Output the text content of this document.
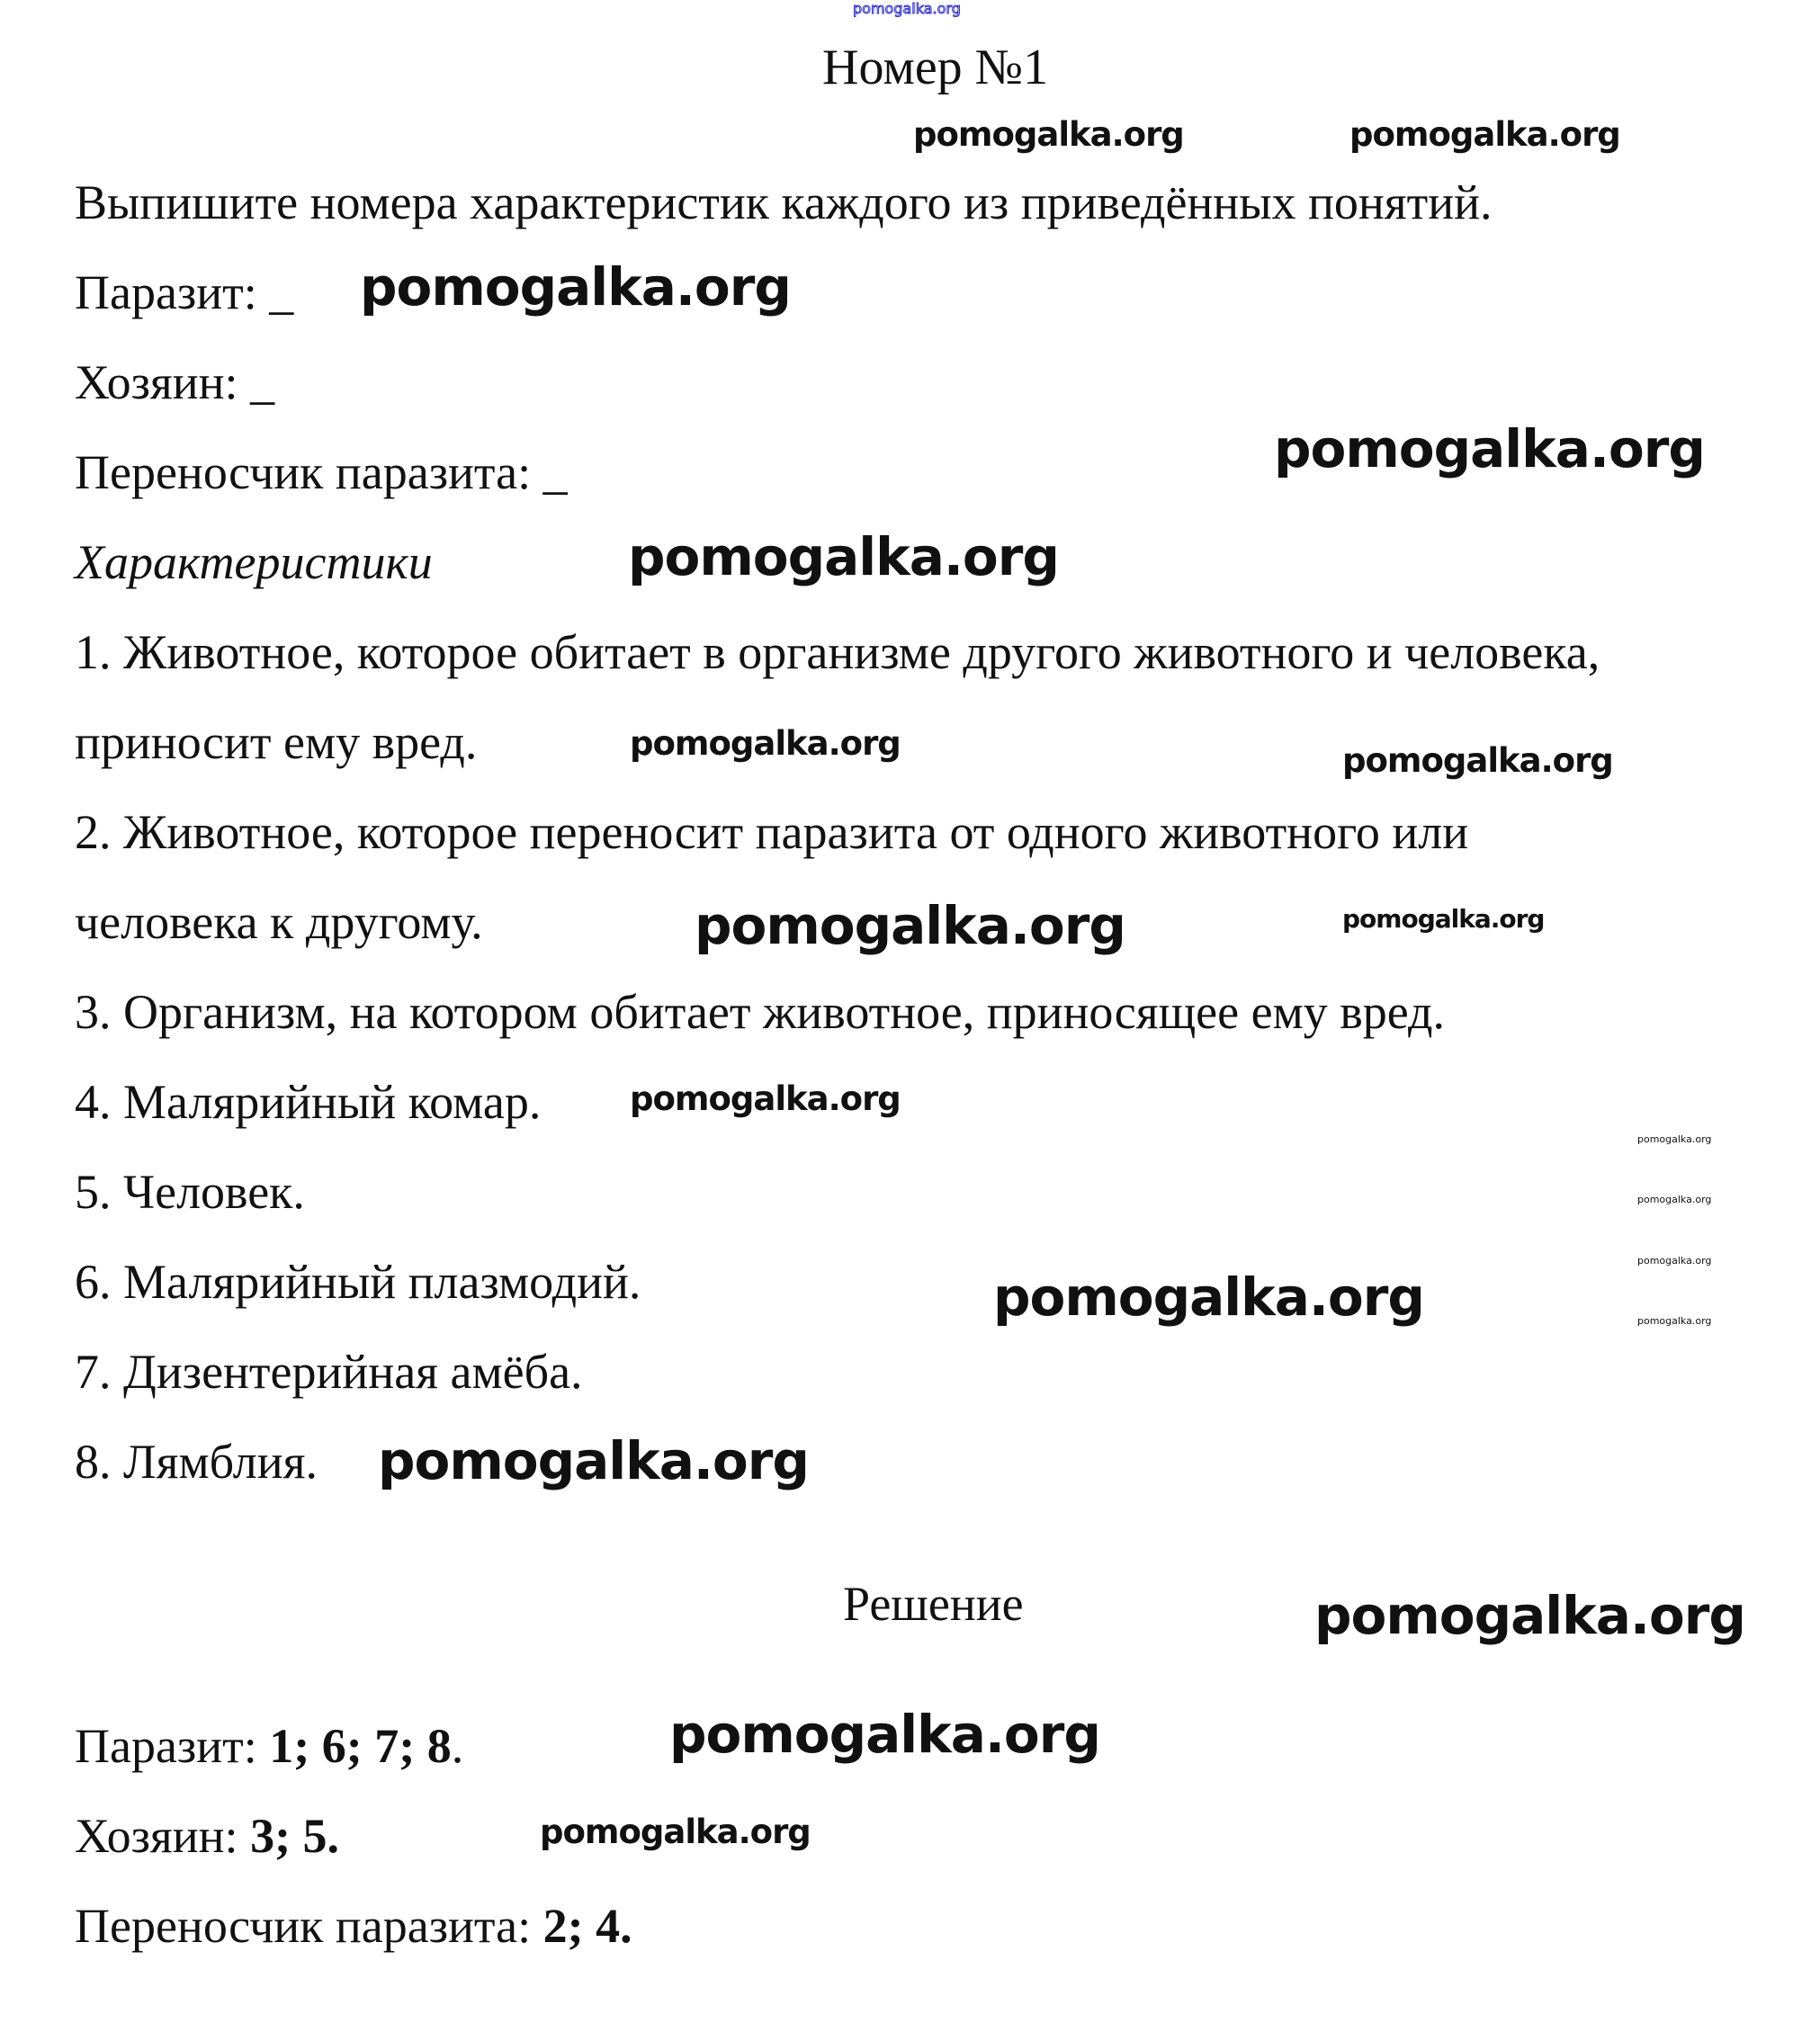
pomogalka.org
Номер №1
pomogalka.org	pomogalka.org
Выпишите номера характеристик каждого из приведённых понятий.
Паразит: _ pomogalka.org
Хозяин: _
Переносчик паразита: _	pomogalka.org
Характеристики	pomogalka.org
1. Животное, которое обитает в организме другого животного и человека,
приносит ему вред.	pomogalka.org	pomogalka.org
2. Животное, которое переносит паразита от одного животного или
человека к другому.	pomogalka.org	pomogalka.org
3. Организм, на котором обитает животное, приносящее ему вред.
4. Малярийный комар.	pomogalka.org
5. Человек.
6. Малярийный плазмодий.	pomogalka.org
7. Дизентерийная амёба.
8. Лямблия. pomogalka.org
pomogalka.org
pomogalka.org
pomogalka.org
pomogalka.org
Решение	pomogalka.org
pomogalka.org
Паразит: 1; 6; 7; 8.
Хозяин: 3; 5.	pomogalka.org
Переносчик паразита: 2; 4.
